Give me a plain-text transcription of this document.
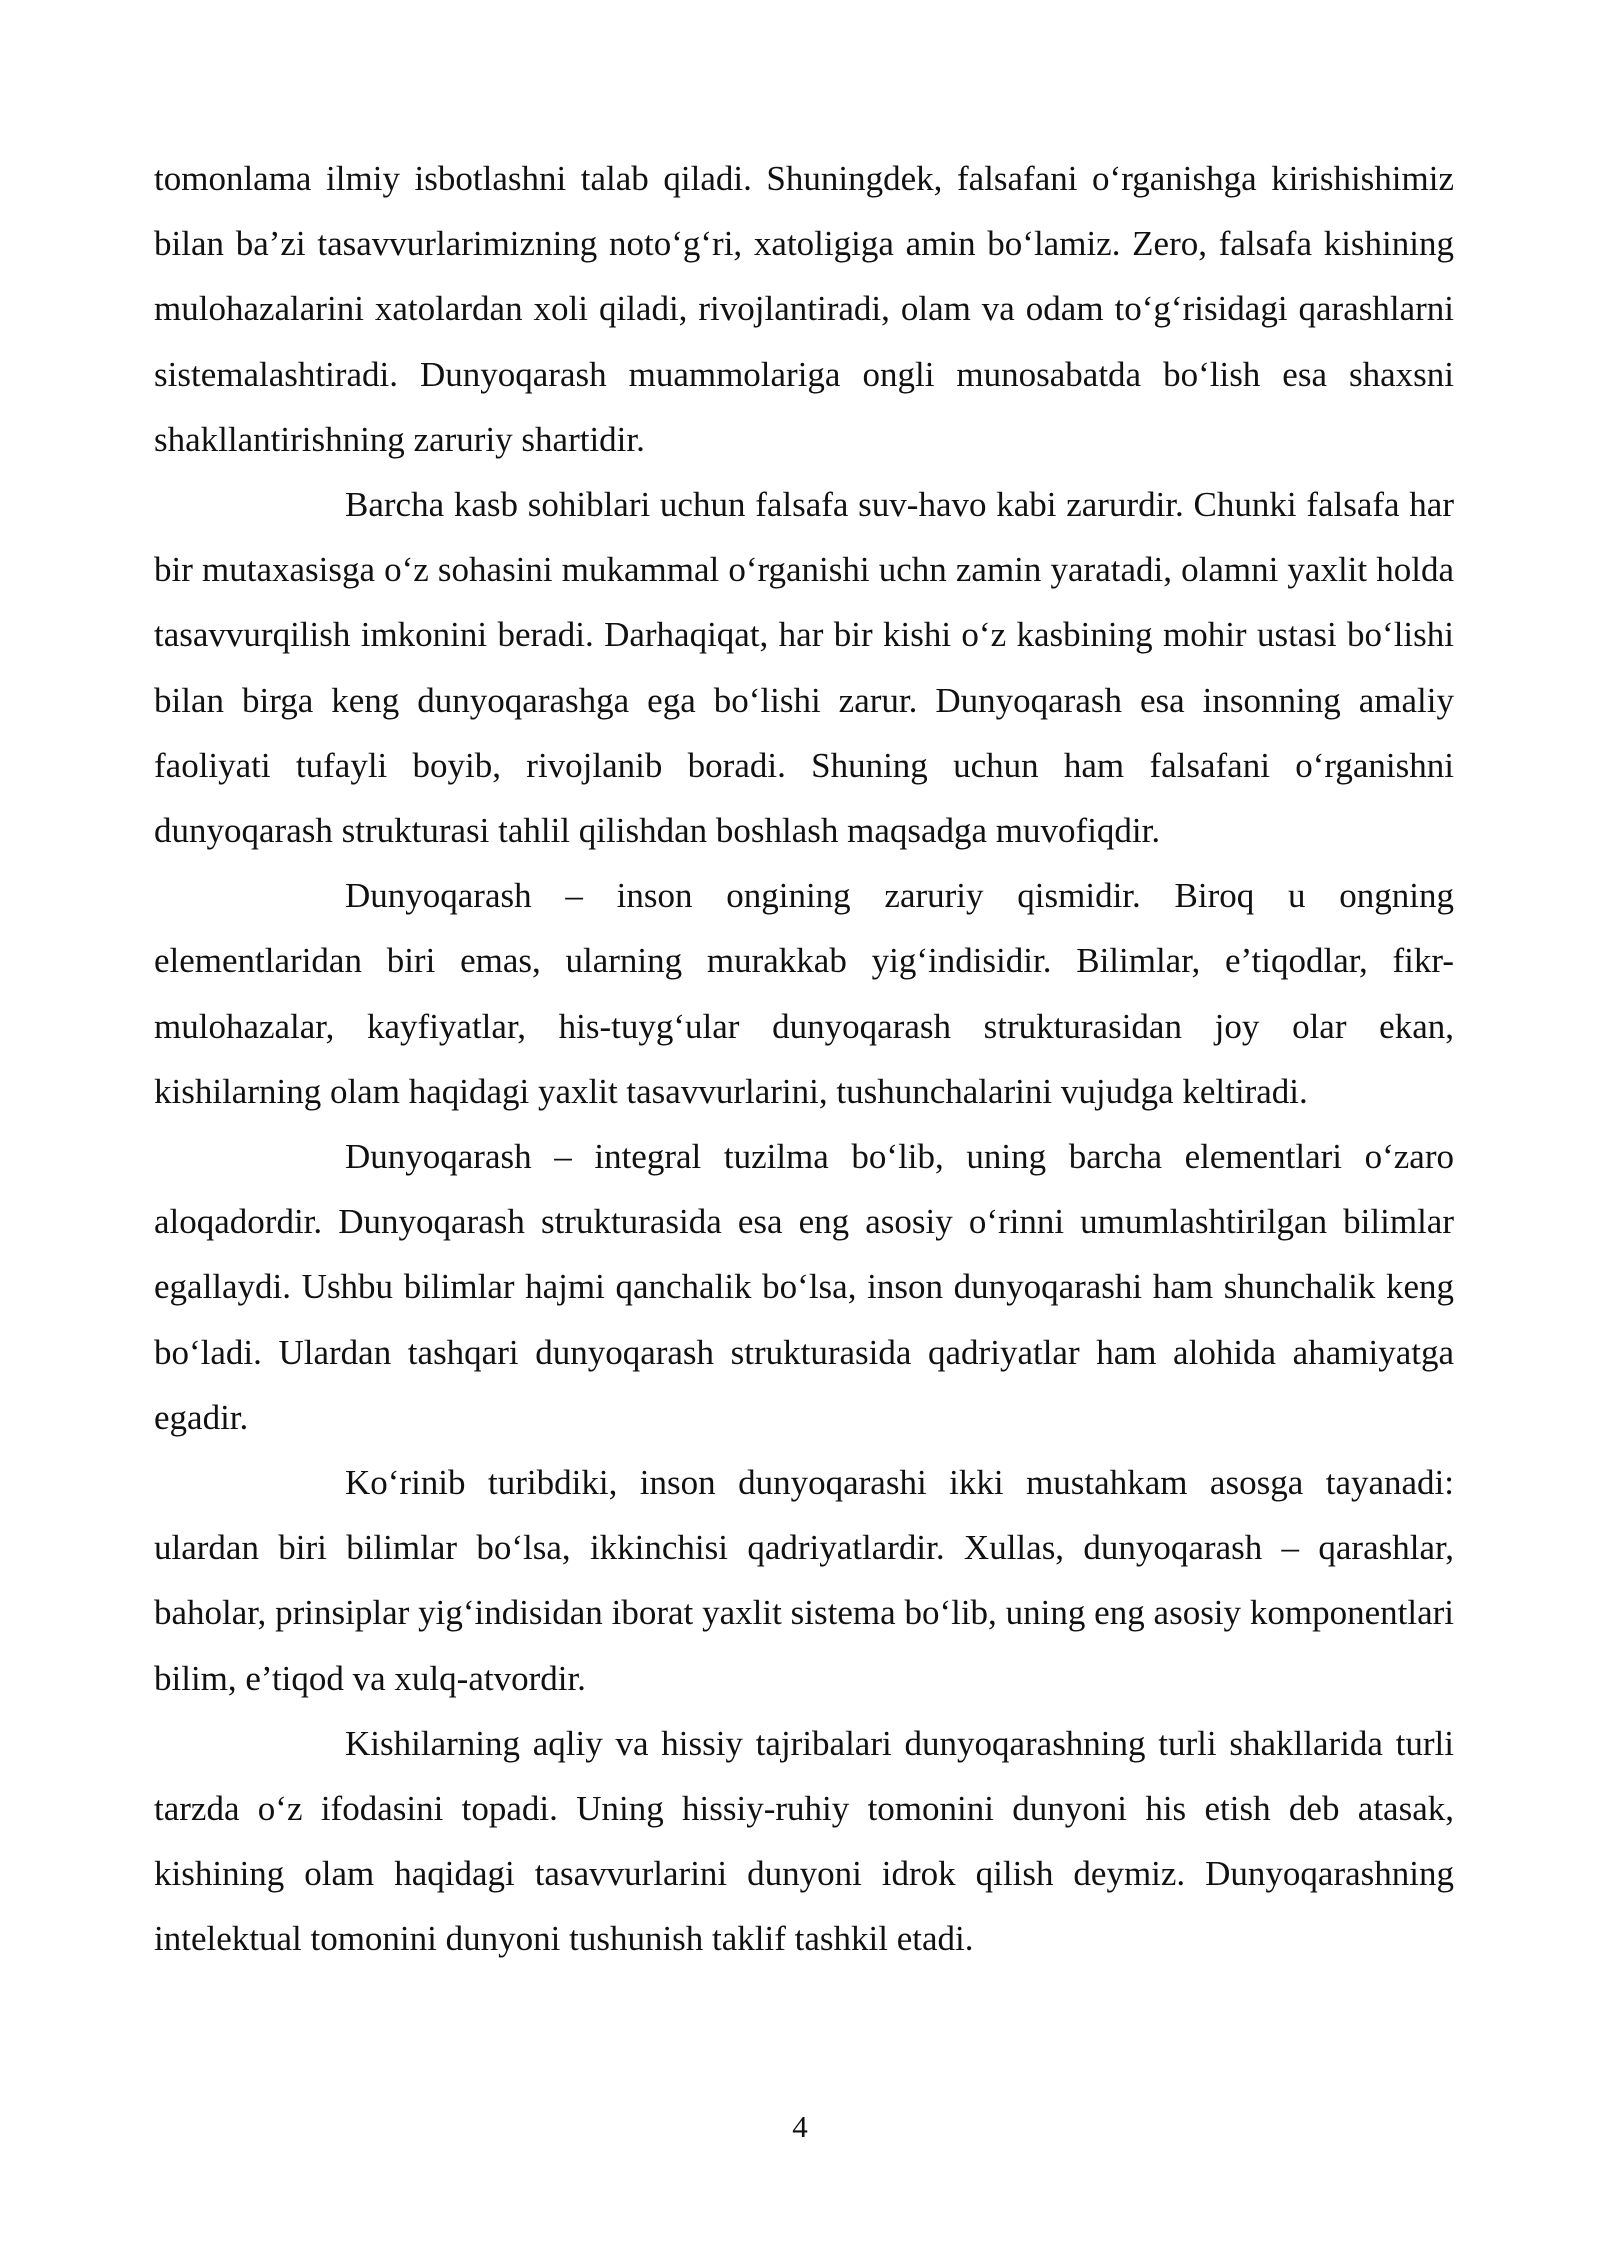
tomonlama ilmiy isbotlashni talab qiladi. Shuningdek, falsafani o‘rganishga kirishishimiz bilan ba’zi tasavvurlarimizning noto‘g‘ri, xatoligiga amin bo‘lamiz. Zero, falsafa kishining mulohazalarini xatolardan xoli qiladi, rivojlantiradi, olam va odam to‘g‘risidagi qarashlarni sistemalashtiradi. Dunyoqarash muammolariga ongli munosabatda bo‘lish esa shaxsni shakllantirishning zaruriy shartidir.

Barcha kasb sohiblari uchun falsafa suv-havo kabi zarurdir. Chunki falsafa har bir mutaxasisga o‘z sohasini mukammal o‘rganishi uchn zamin yaratadi, olamni yaxlit holda tasavvurqilish imkonini beradi. Darhaqiqat, har bir kishi o‘z kasbining mohir ustasi bo‘lishi bilan birga keng dunyoqarashga ega bo‘lishi zarur. Dunyoqarash esa insonning amaliy faoliyati tufayli boyib, rivojlanib boradi. Shuning uchun ham falsafani o‘rganishni dunyoqarash strukturasi tahlil qilishdan boshlash maqsadga muvofiqdir.

Dunyoqarash – inson ongining zaruriy qismidir. Biroq u ongning elementlaridan biri emas, ularning murakkab yig‘indisidir. Bilimlar, e’tiqodlar, fikr-mulohazalar, kayfiyatlar, his-tuyg‘ular dunyoqarash strukturasidan joy olar ekan, kishilarning olam haqidagi yaxlit tasavvurlarini, tushunchalarini vujudga keltiradi.

Dunyoqarash – integral tuzilma bo‘lib, uning barcha elementlari o‘zaro aloqadordir. Dunyoqarash strukturasida esa eng asosiy o‘rinni umumlashtirilgan bilimlar egallaydi. Ushbu bilimlar hajmi qanchalik bo‘lsa, inson dunyoqarashi ham shunchalik keng bo‘ladi. Ulardan tashqari dunyoqarash strukturasida qadriyatlar ham alohida ahamiyatga egadir.

Ko‘rinib turibdiki, inson dunyoqarashi ikki mustahkam asosga tayanadi: ulardan biri bilimlar bo‘lsa, ikkinchisi qadriyatlardir. Xullas, dunyoqarash – qarashlar, baholar, prinsiplar yig‘indisidan iborat yaxlit sistema bo‘lib, uning eng asosiy komponentlari bilim, e’tiqod va xulq-atvordir.

Kishilarning aqliy va hissiy tajribalari dunyoqarashning turli shakllarida turli tarzda o‘z ifodasini topadi. Uning hissiy-ruhiy tomonini dunyoni his etish deb atasak, kishining olam haqidagi tasavvurlarini dunyoni idrok qilish deymiz. Dunyoqarashning intelektual tomonini dunyoni tushunish taklif tashkil etadi.

4
